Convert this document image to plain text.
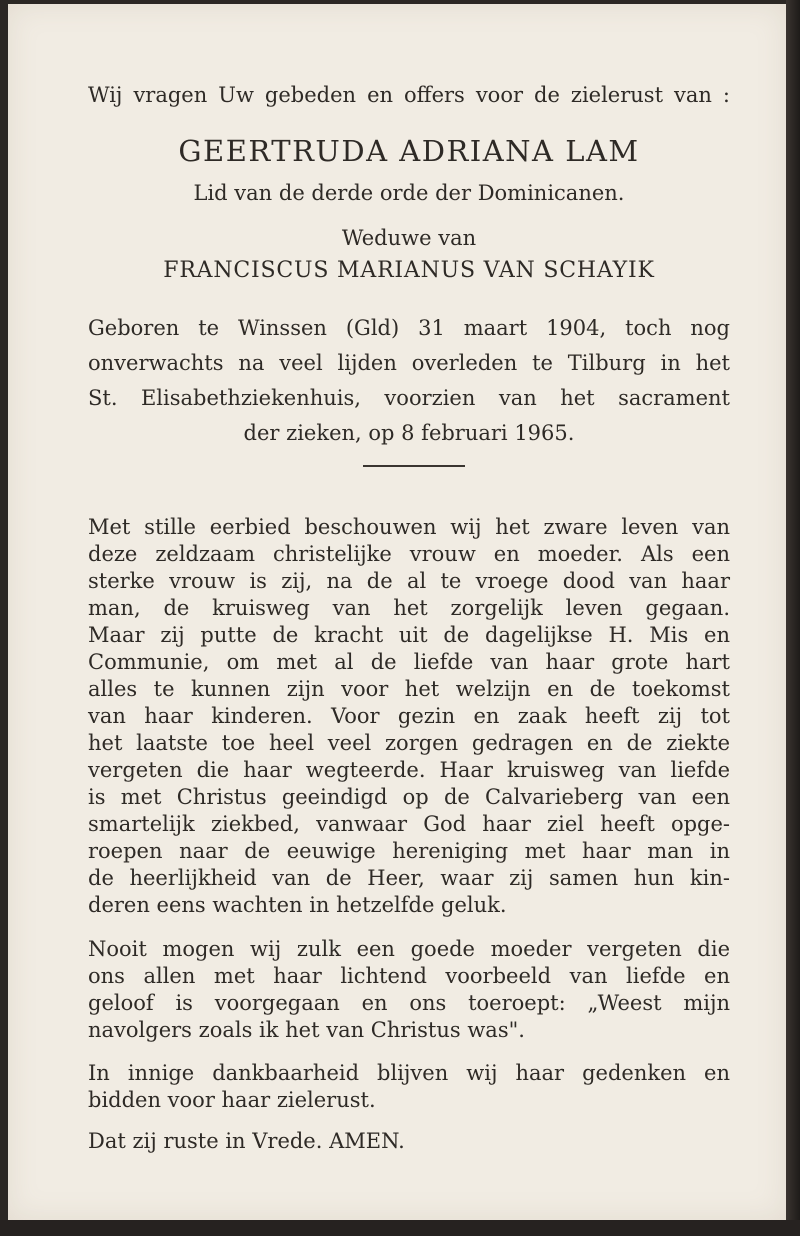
Wij vragen Uw gebeden en offers voor de zielerust van :
GEERTRUDA ADRIANA LAM
Lid van de derde orde der Dominicanen.
Weduwe van
FRANCISCUS MARIANUS VAN SCHAYIK
Geboren te Winssen (Gld) 31 maart 1904, toch nog
onverwachts na veel lijden overleden te Tilburg in het
St. Elisabethziekenhuis, voorzien van het sacrament
der zieken, op 8 februari 1965.
Met stille eerbied beschouwen wij het zware leven van
deze zeldzaam christelijke vrouw en moeder. Als een
sterke vrouw is zij, na de al te vroege dood van haar
man, de kruisweg van het zorgelijk leven gegaan.
Maar zij putte de kracht uit de dagelijkse H. Mis en
Communie, om met al de liefde van haar grote hart
alles te kunnen zijn voor het welzijn en de toekomst
van haar kinderen. Voor gezin en zaak heeft zij tot
het laatste toe heel veel zorgen gedragen en de ziekte
vergeten die haar wegteerde. Haar kruisweg van liefde
is met Christus geeindigd op de Calvarieberg van een
smartelijk ziekbed, vanwaar God haar ziel heeft opge-
roepen naar de eeuwige hereniging met haar man in
de heerlijkheid van de Heer, waar zij samen hun kin-
deren eens wachten in hetzelfde geluk.
Nooit mogen wij zulk een goede moeder vergeten die
ons allen met haar lichtend voorbeeld van liefde en
geloof is voorgegaan en ons toeroept: „Weest mijn
navolgers zoals ik het van Christus was".
In innige dankbaarheid blijven wij haar gedenken en
bidden voor haar zielerust.
Dat zij ruste in Vrede. AMEN.
